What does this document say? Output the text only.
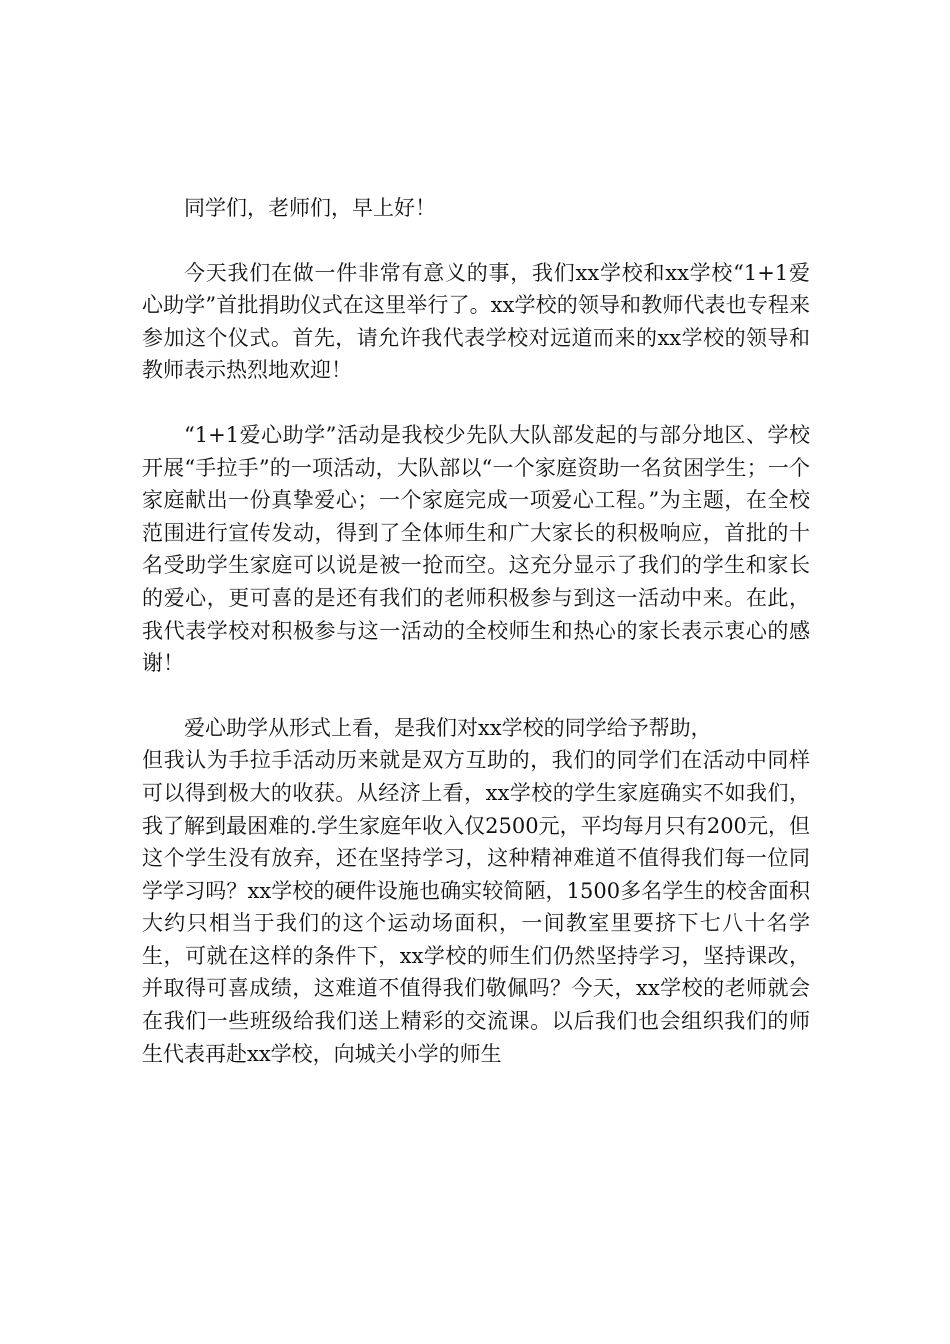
同学们，老师们，早上好！

今天我们在做一件非常有意义的事，我们xx学校和xx学校“1+1爱心助学”首批捐助仪式在这里举行了。xx学校的领导和教师代表也专程来参加这个仪式。首先，请允许我代表学校对远道而来的xx学校的领导和教师表示热烈地欢迎！

“1+1爱心助学”活动是我校少先队大队部发起的与部分地区、学校开展“手拉手”的一项活动，大队部以“一个家庭资助一名贫困学生；一个家庭献出一份真挚爱心；一个家庭完成一项爱心工程。”为主题，在全校范围进行宣传发动，得到了全体师生和广大家长的积极响应，首批的十名受助学生家庭可以说是被一抢而空。这充分显示了我们的学生和家长的爱心，更可喜的是还有我们的老师积极参与到这一活动中来。在此，我代表学校对积极参与这一活动的全校师生和热心的家长表示衷心的感谢！

爱心助学从形式上看，是我们对xx学校的同学给予帮助，
但我认为手拉手活动历来就是双方互助的，我们的同学们在活动中同样可以得到极大的收获。从经济上看，xx学校的学生家庭确实不如我们，我了解到最困难的.学生家庭年收入仅2500元，平均每月只有200元，但这个学生没有放弃，还在坚持学习，这种精神难道不值得我们每一位同学学习吗？xx学校的硬件设施也确实较简陋，1500多名学生的校舍面积大约只相当于我们的这个运动场面积，一间教室里要挤下七八十名学生，可就在这样的条件下，xx学校的师生们仍然坚持学习，坚持课改，并取得可喜成绩，这难道不值得我们敬佩吗？今天，xx学校的老师就会在我们一些班级给我们送上精彩的交流课。以后我们也会组织我们的师生代表再赴xx学校，向城关小学的师生
